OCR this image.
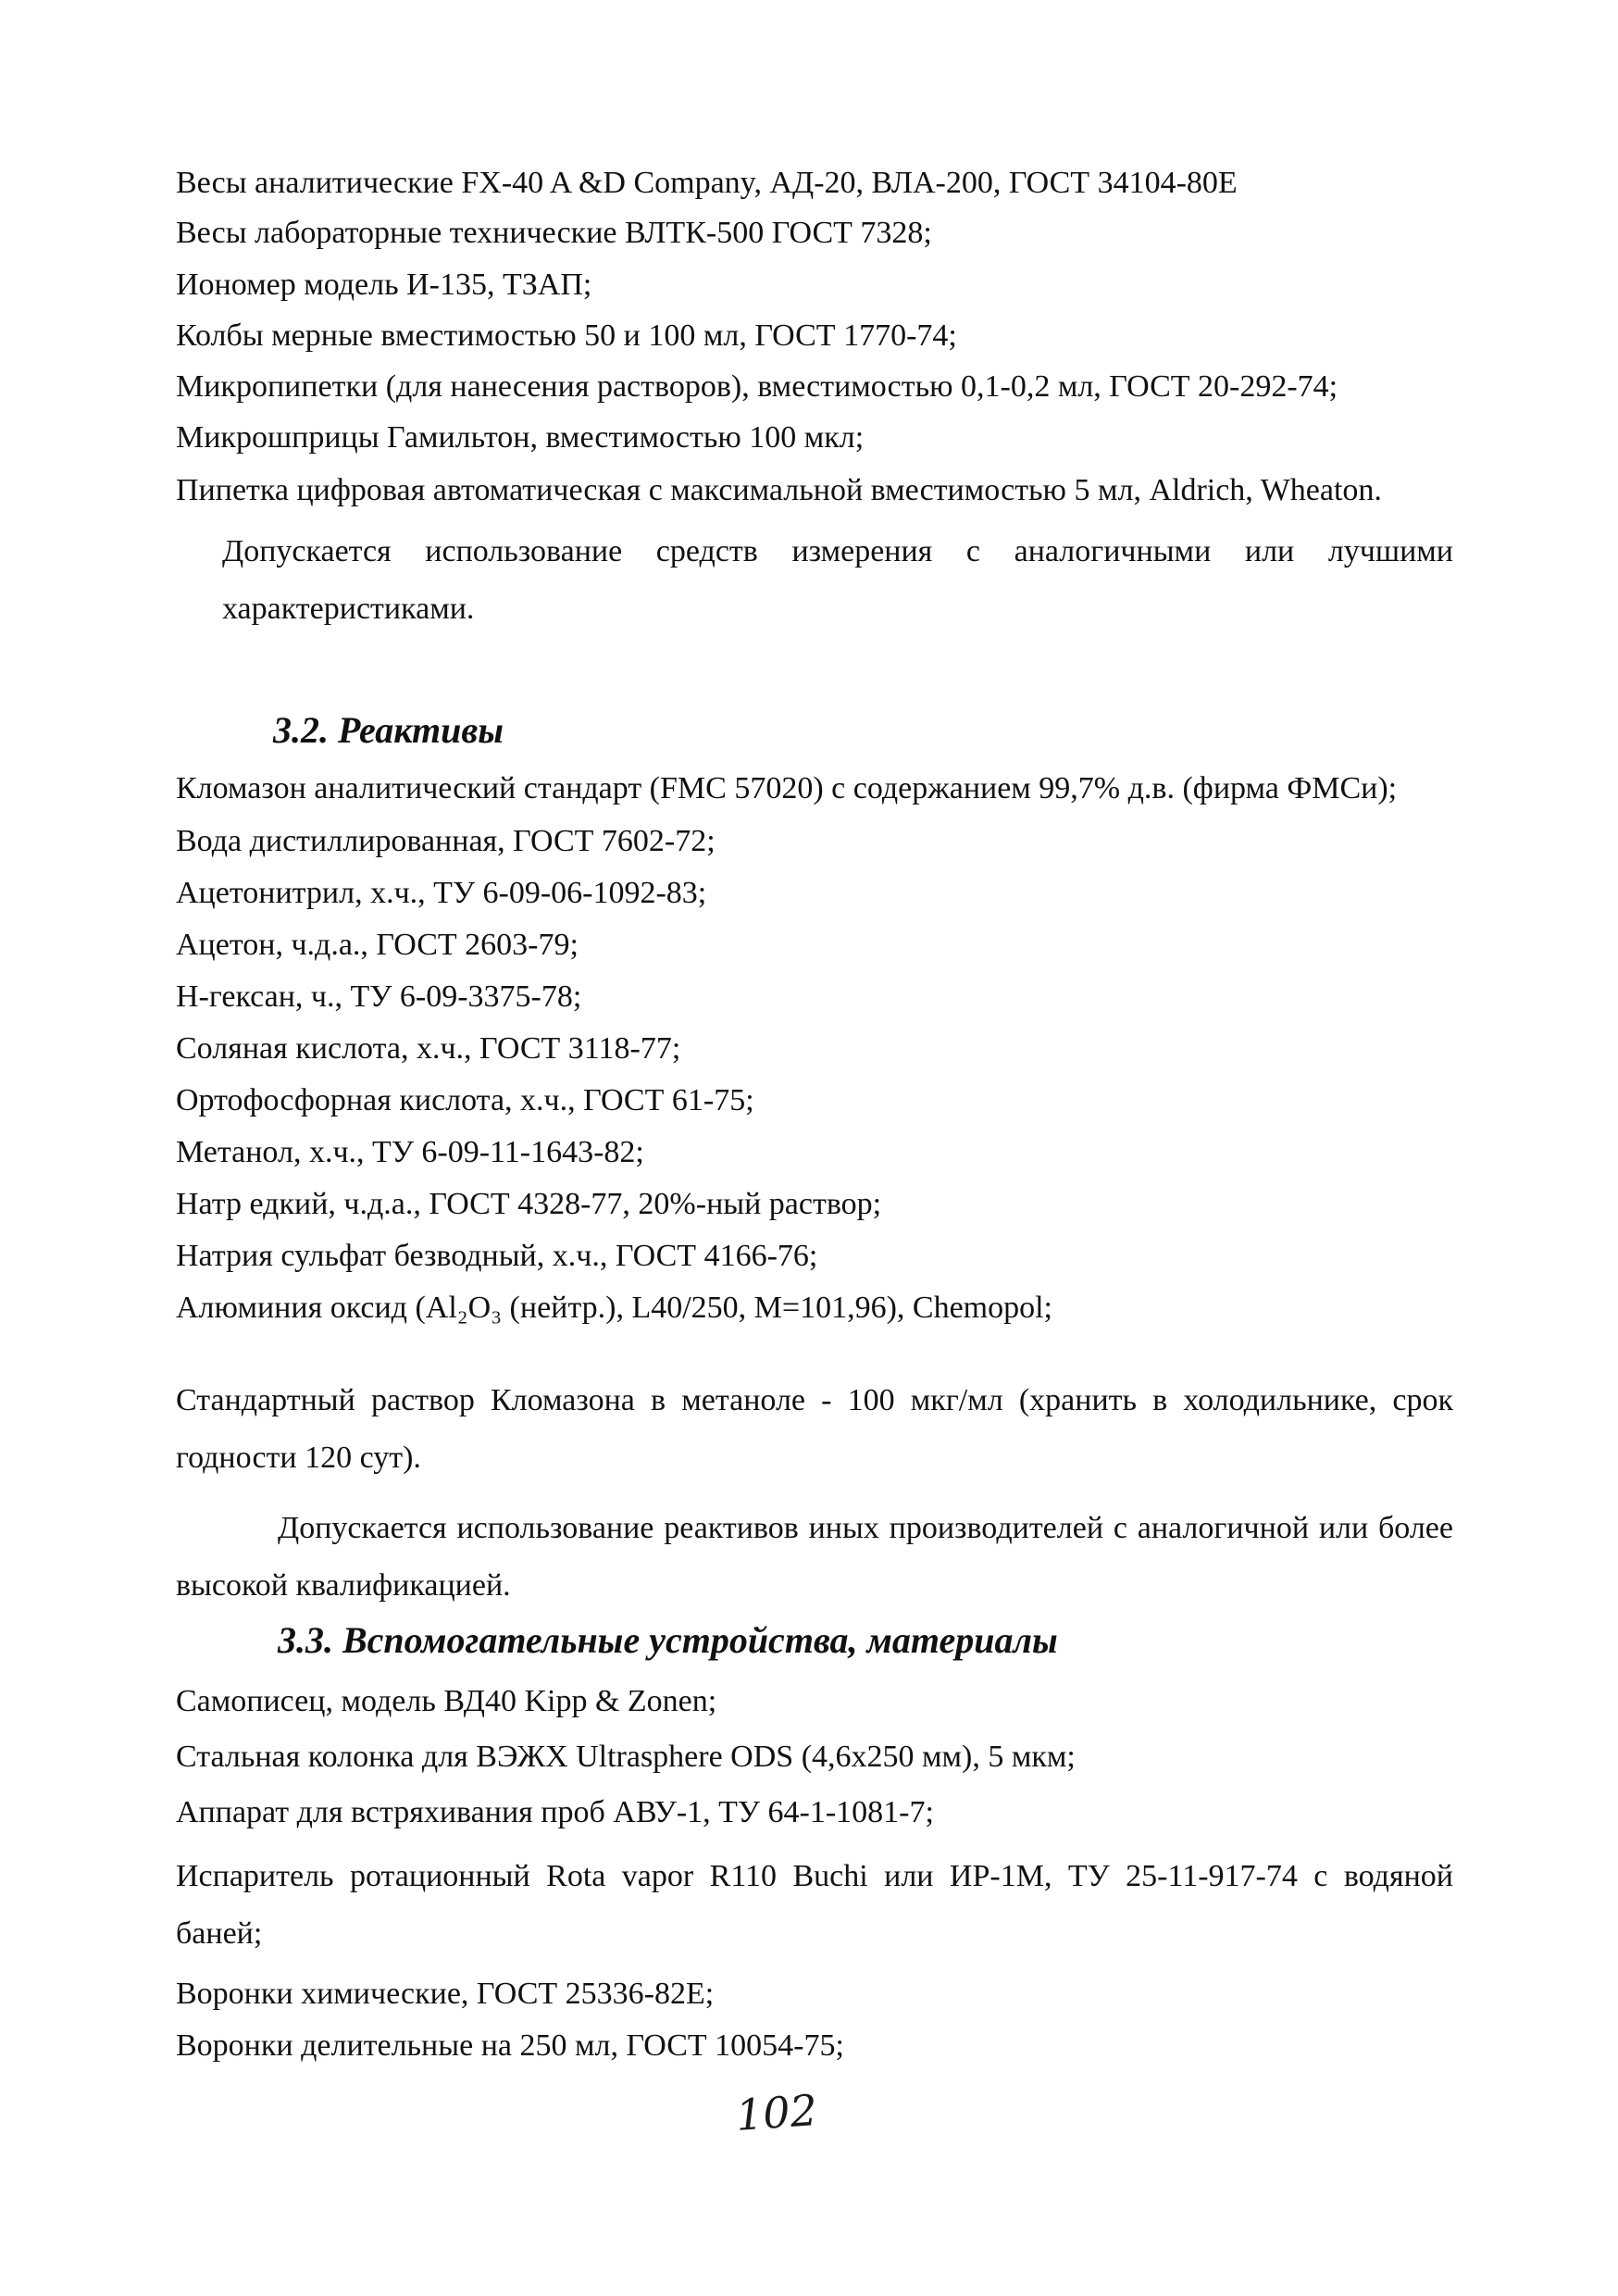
Весы аналитические FX-40 A &D Company, АД-20, ВЛА-200, ГОСТ 34104-80Е
Весы лабораторные технические ВЛТК-500 ГОСТ 7328;
Иономер модель И-135, ТЗАП;
Колбы мерные вместимостью 50 и 100 мл, ГОСТ 1770-74;
Микропипетки (для нанесения растворов), вместимостью 0,1-0,2 мл, ГОСТ 20-292-74;
Микрошприцы Гамильтон, вместимостью 100 мкл;
Пипетка цифровая автоматическая с максимальной вместимостью 5 мл, Aldrich, Wheaton.
Допускается использование средств измерения с аналогичными или лучшими характеристиками.
3.2. Реактивы
Кломазон аналитический стандарт (FMC 57020) с содержанием 99,7% д.в. (фирма ФМСи);
Вода дистиллированная, ГОСТ 7602-72;
Ацетонитрил, х.ч., ТУ 6-09-06-1092-83;
Ацетон, ч.д.а., ГОСТ 2603-79;
Н-гексан, ч., ТУ 6-09-3375-78;
Соляная кислота, х.ч., ГОСТ 3118-77;
Ортофосфорная кислота, х.ч., ГОСТ 61-75;
Метанол, х.ч., ТУ 6-09-11-1643-82;
Натр едкий, ч.д.а., ГОСТ 4328-77, 20%-ный раствор;
Натрия сульфат безводный, х.ч., ГОСТ 4166-76;
Алюминия оксид (Al₂O₃ (нейтр.), L40/250, M=101,96), Chemopol;
Стандартный раствор Кломазона в метаноле - 100 мкг/мл (хранить в холодильнике, срок годности 120 сут).
Допускается использование реактивов иных производителей с аналогичной или более высокой квалификацией.
3.3. Вспомогательные устройства, материалы
Самописец, модель ВД40 Kipp & Zonen;
Стальная колонка для ВЭЖХ Ultrasphere ODS (4,6x250 мм), 5 мкм;
Аппарат для встряхивания проб АВУ-1, ТУ 64-1-1081-7;
Испаритель ротационный Rota vapor R110 Buchi или ИР-1М, ТУ 25-11-917-74 с водяной баней;
Воронки химические, ГОСТ 25336-82Е;
Воронки делительные на 250 мл, ГОСТ 10054-75;
102
